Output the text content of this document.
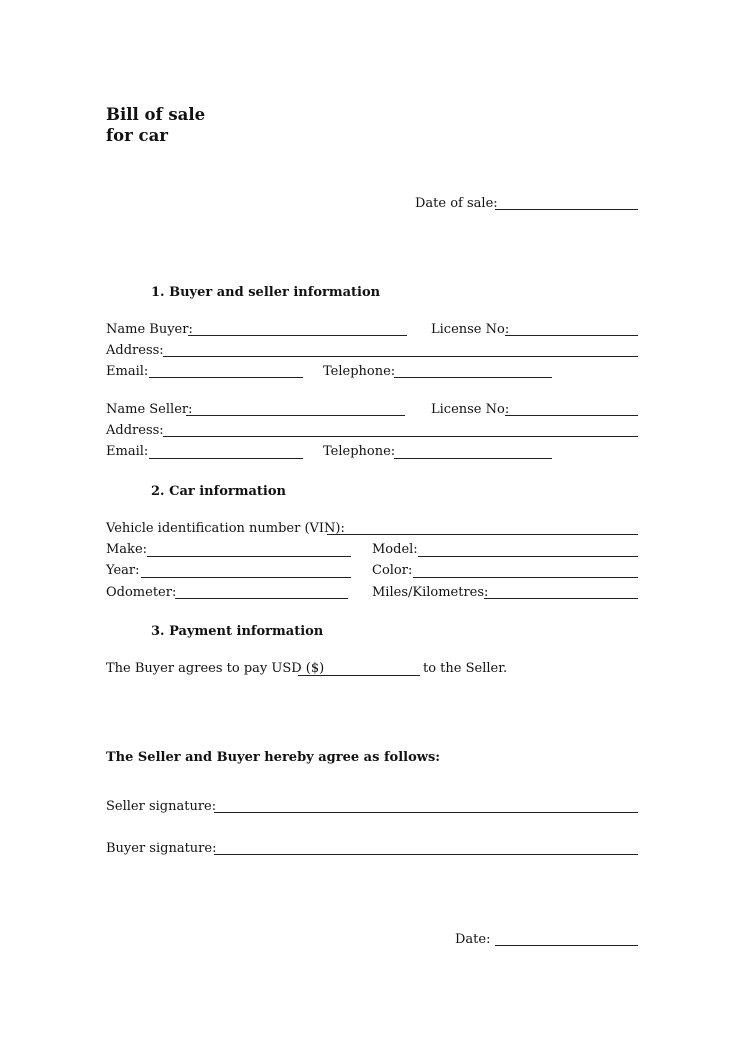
Bill of sale
for car
Date of sale:
1. Buyer and seller information
Name Buyer:	License No:
Address:
Email:	Telephone:
Name Seller:	License No:
Address:
Email:	Telephone:
2. Car information
Vehicle identification number (VIN):
Make:	Model:
Year:	Color:
Odometer:	Miles/Kilometres:
3. Payment information
The Buyer agrees to pay USD ($)	to the Seller.
The Seller and Buyer hereby agree as follows:
Seller signature:
Buyer signature:
Date:
